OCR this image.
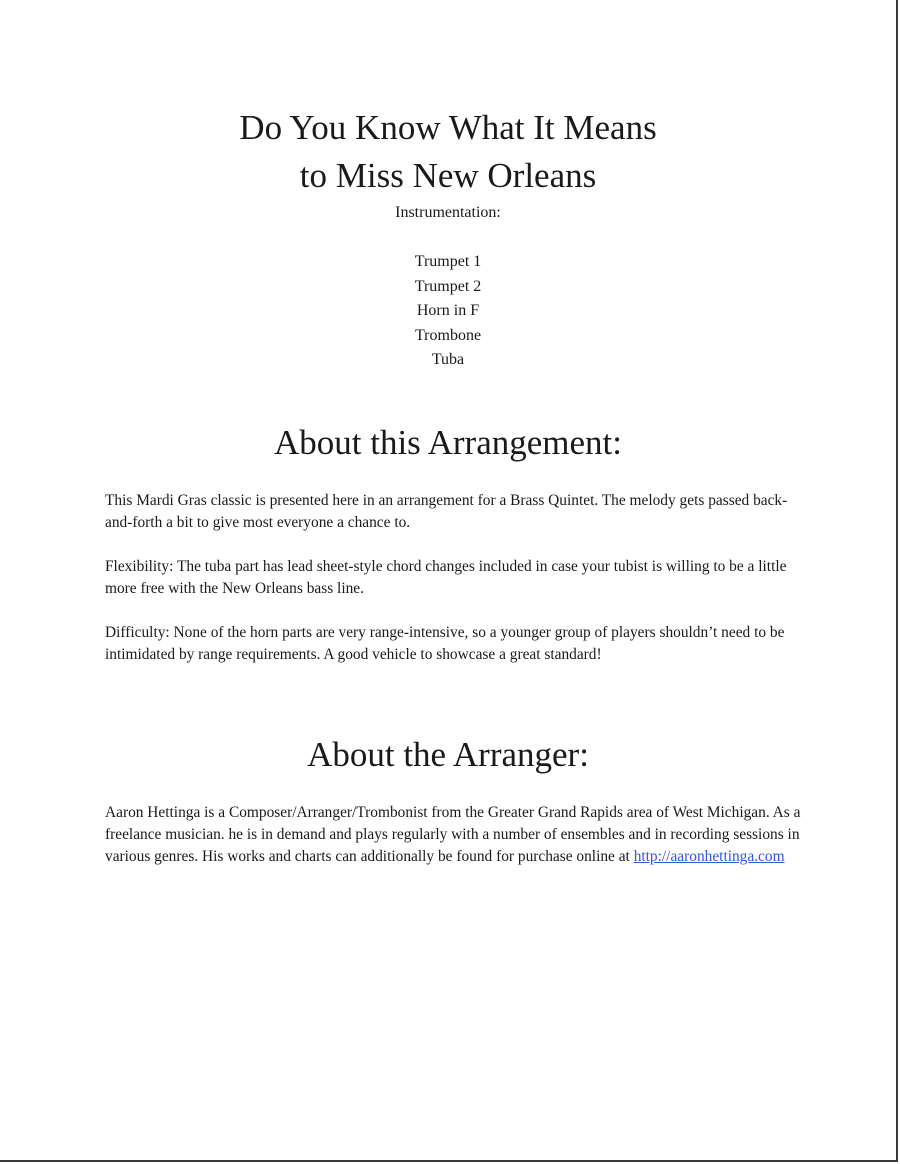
Do You Know What It Means
to Miss New Orleans
Instrumentation:
Trumpet 1
Trumpet 2
Horn in F
Trombone
Tuba
About this Arrangement:

This Mardi Gras classic is presented here in an arrangement for a Brass Quintet. The melody gets passed back-and-forth a bit to give most everyone a chance to.

Flexibility: The tuba part has lead sheet-style chord changes included in case your tubist is willing to be a little more free with the New Orleans bass line.

Difficulty: None of the horn parts are very range-intensive, so a younger group of players shouldn’t need to be intimidated by range requirements. A good vehicle to showcase a great standard!

About the Arranger:

Aaron Hettinga is a Composer/Arranger/Trombonist from the Greater Grand Rapids area of West Michigan. As a freelance musician. he is in demand and plays regularly with a number of ensembles and in recording sessions in various genres. His works and charts can additionally be found for purchase online at http://aaronhettinga.com
